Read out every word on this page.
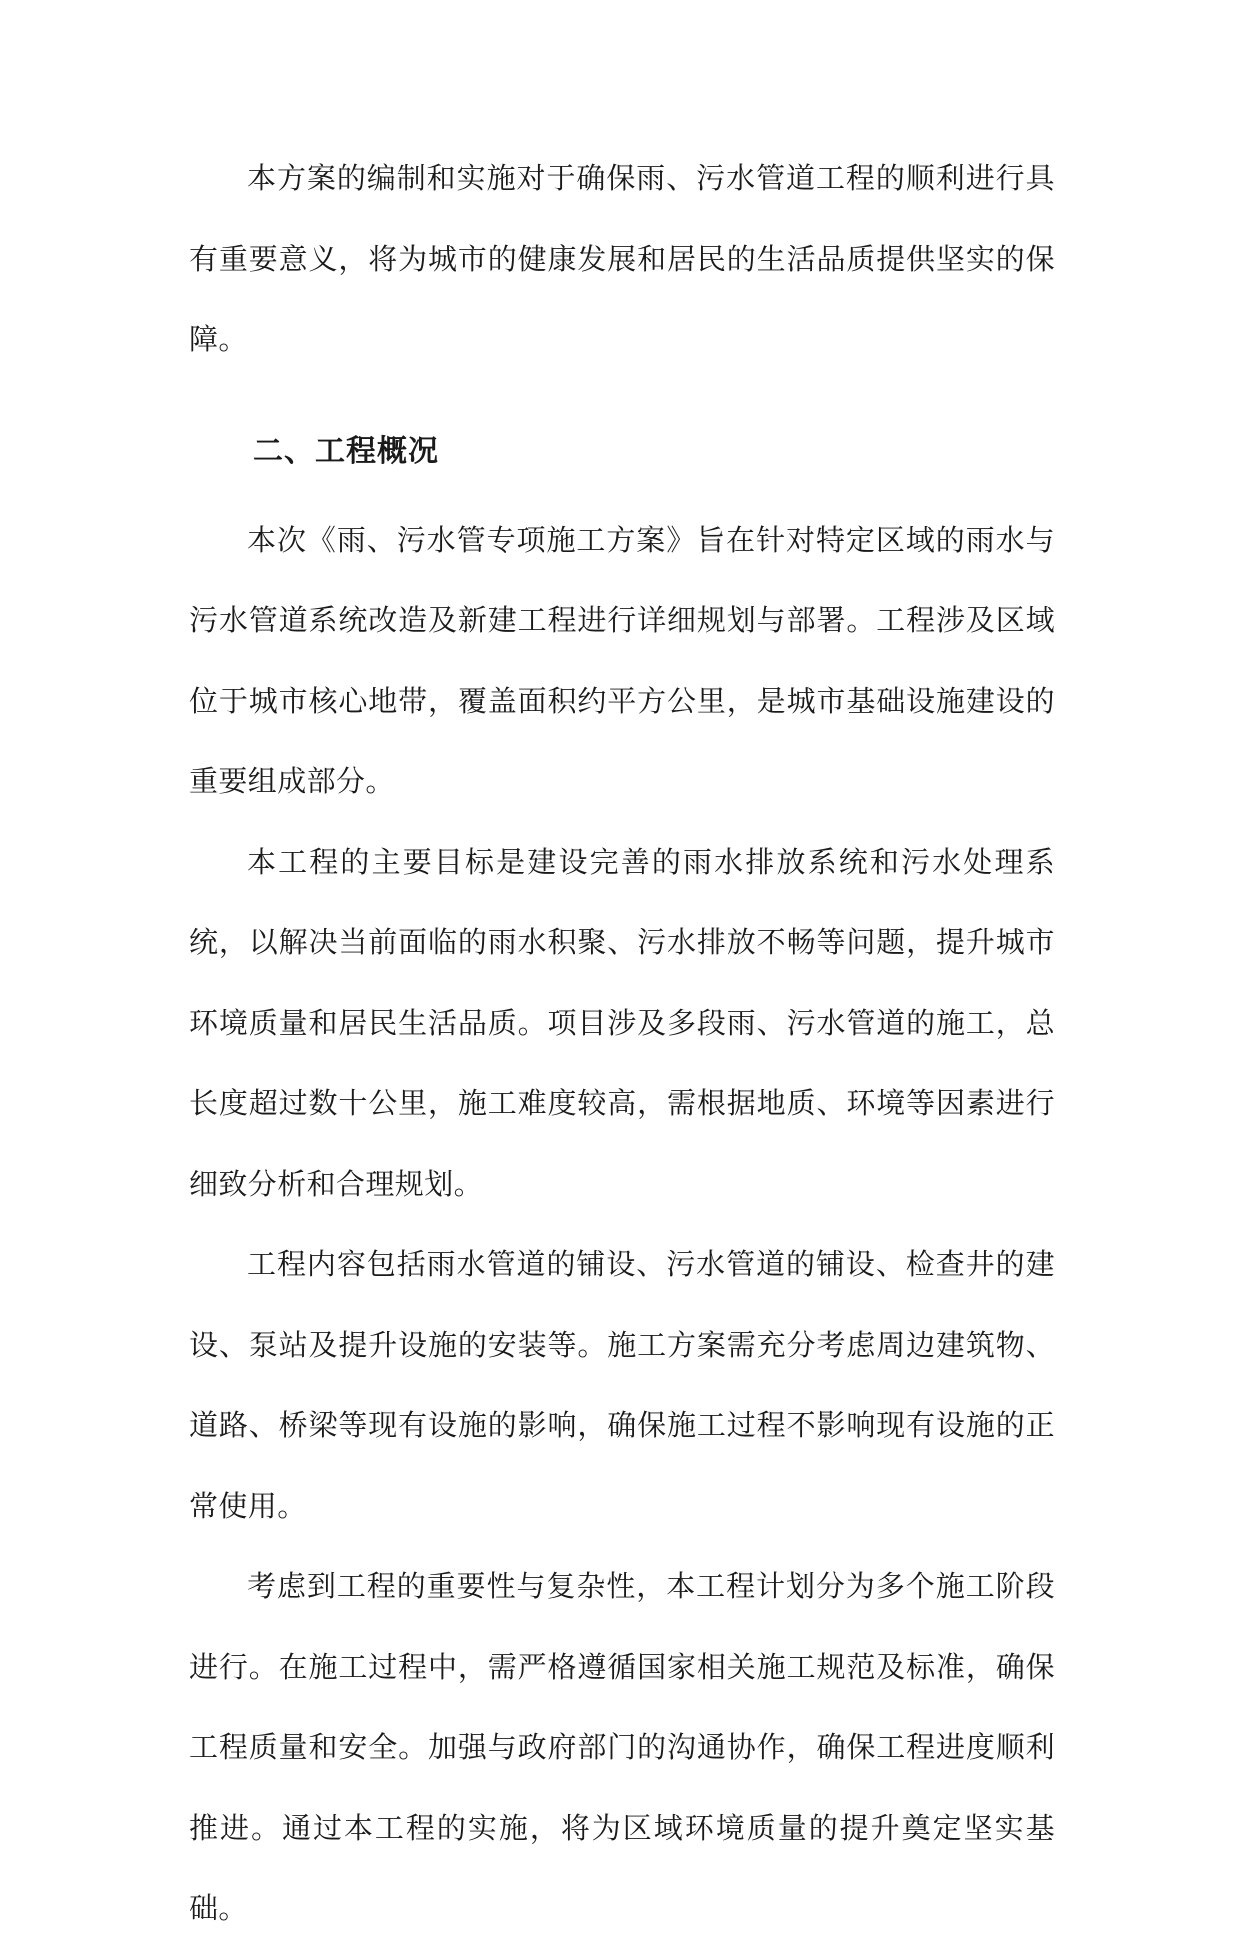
本方案的编制和实施对于确保雨、污水管道工程的顺利进行具有重要意义，将为城市的健康发展和居民的生活品质提供坚实的保障。

二、工程概况

本次《雨、污水管专项施工方案》旨在针对特定区域的雨水与污水管道系统改造及新建工程进行详细规划与部署。工程涉及区域位于城市核心地带，覆盖面积约平方公里，是城市基础设施建设的重要组成部分。

本工程的主要目标是建设完善的雨水排放系统和污水处理系统，以解决当前面临的雨水积聚、污水排放不畅等问题，提升城市环境质量和居民生活品质。项目涉及多段雨、污水管道的施工，总长度超过数十公里，施工难度较高，需根据地质、环境等因素进行细致分析和合理规划。

工程内容包括雨水管道的铺设、污水管道的铺设、检查井的建设、泵站及提升设施的安装等。施工方案需充分考虑周边建筑物、道路、桥梁等现有设施的影响，确保施工过程不影响现有设施的正常使用。

考虑到工程的重要性与复杂性，本工程计划分为多个施工阶段进行。在施工过程中，需严格遵循国家相关施工规范及标准，确保工程质量和安全。加强与政府部门的沟通协作，确保工程进度顺利推进。通过本工程的实施，将为区域环境质量的提升奠定坚实基础。
